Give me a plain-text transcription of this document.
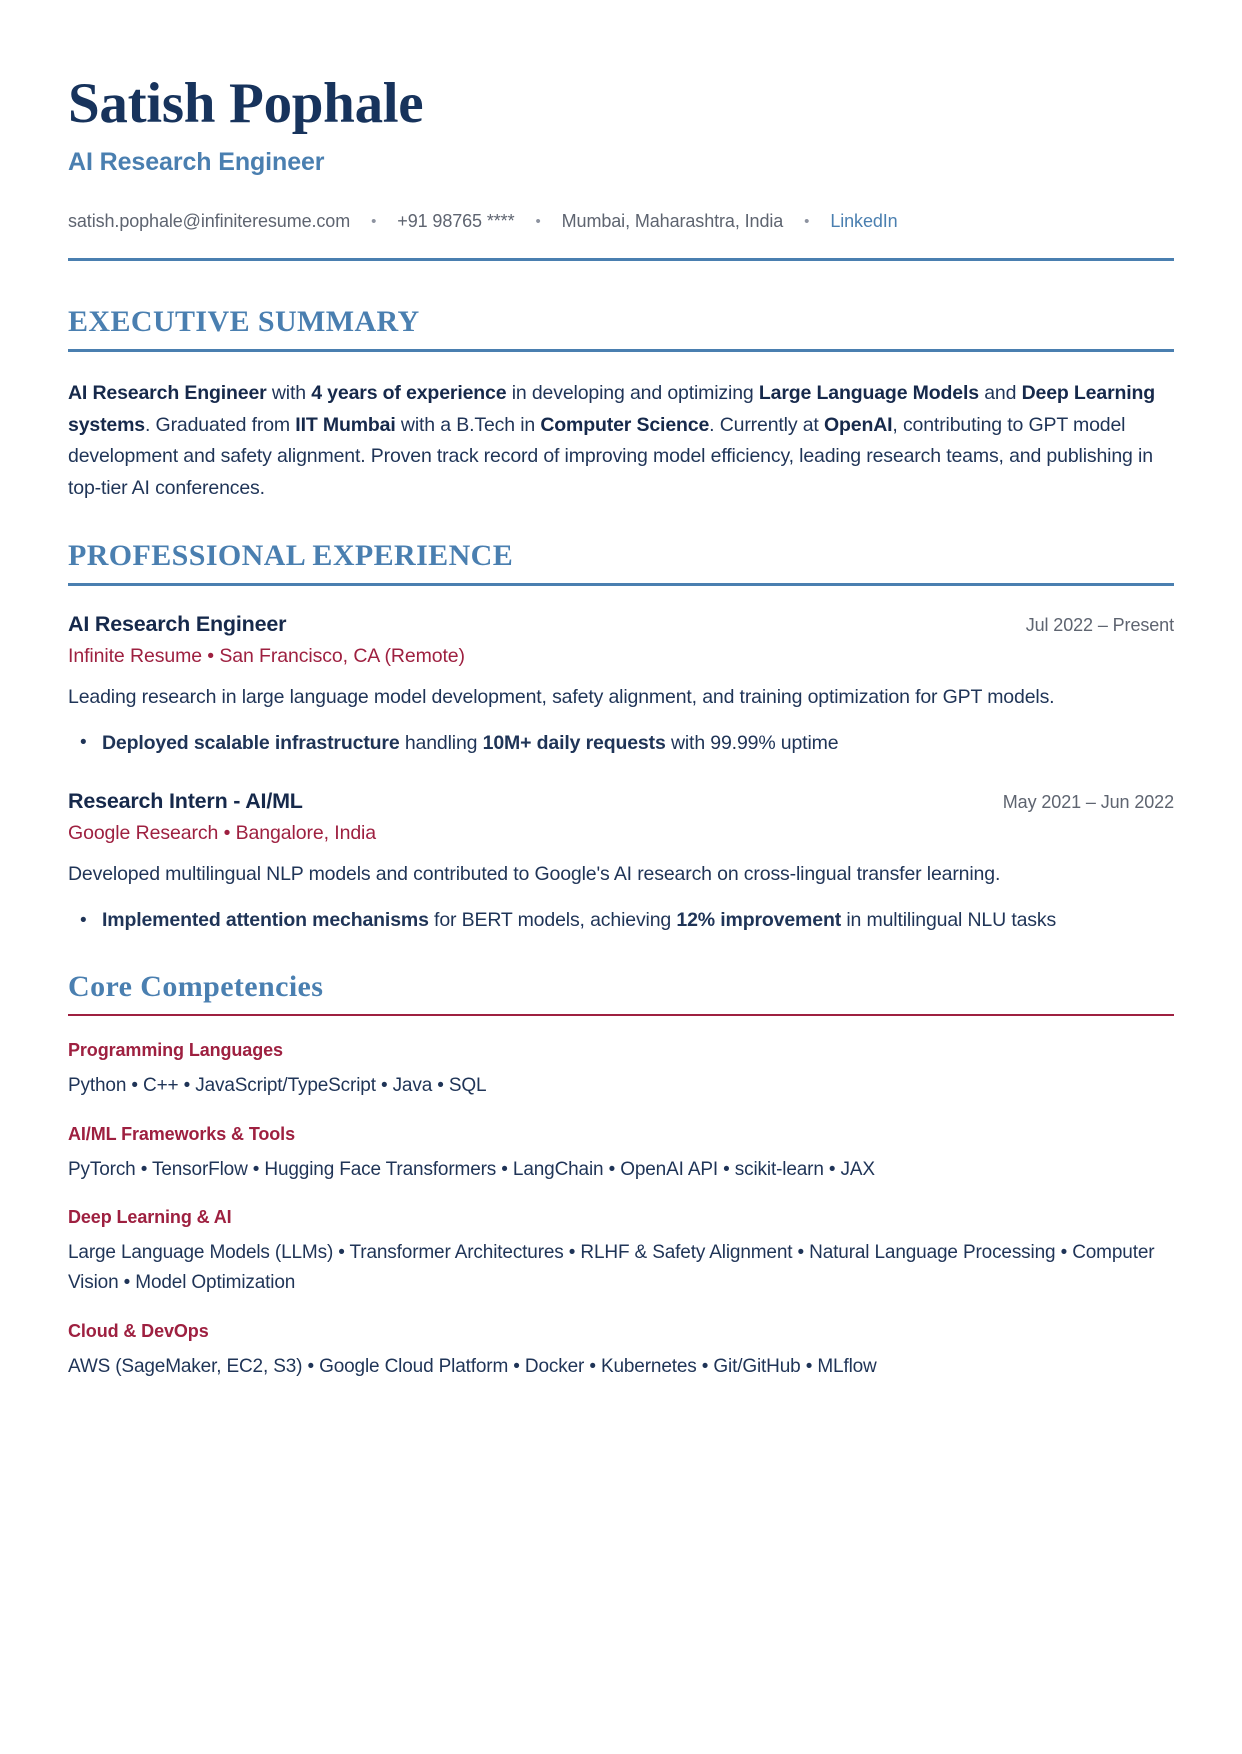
Satish Pophale
AI Research Engineer
satish.pophale@infiniteresume.com • +91 98765 **** • Mumbai, Maharashtra, India • LinkedIn
EXECUTIVE SUMMARY

AI Research Engineer with 4 years of experience in developing and optimizing Large Language Models and Deep Learning systems. Graduated from IIT Mumbai with a B.Tech in Computer Science. Currently at OpenAI, contributing to GPT model development and safety alignment. Proven track record of improving model efficiency, leading research teams, and publishing in top-tier AI conferences.

PROFESSIONAL EXPERIENCE
AI Research Engineer	Jul 2022 – Present
Infinite Resume • San Francisco, CA (Remote)

Leading research in large language model development, safety alignment, and training optimization for GPT models.

• Deployed scalable infrastructure handling 10M+ daily requests with 99.99% uptime
Research Intern - AI/ML	May 2021 – Jun 2022
Google Research • Bangalore, India

Developed multilingual NLP models and contributed to Google's AI research on cross-lingual transfer learning.

• Implemented attention mechanisms for BERT models, achieving 12% improvement in multilingual NLU tasks
Core Competencies
Programming Languages
Python • C++ • JavaScript/TypeScript • Java • SQL
AI/ML Frameworks & Tools
PyTorch • TensorFlow • Hugging Face Transformers • LangChain • OpenAI API • scikit-learn • JAX
Deep Learning & AI
Large Language Models (LLMs) • Transformer Architectures • RLHF & Safety Alignment • Natural Language Processing • Computer Vision • Model Optimization
Cloud & DevOps
AWS (SageMaker, EC2, S3) • Google Cloud Platform • Docker • Kubernetes • Git/GitHub • MLflow
